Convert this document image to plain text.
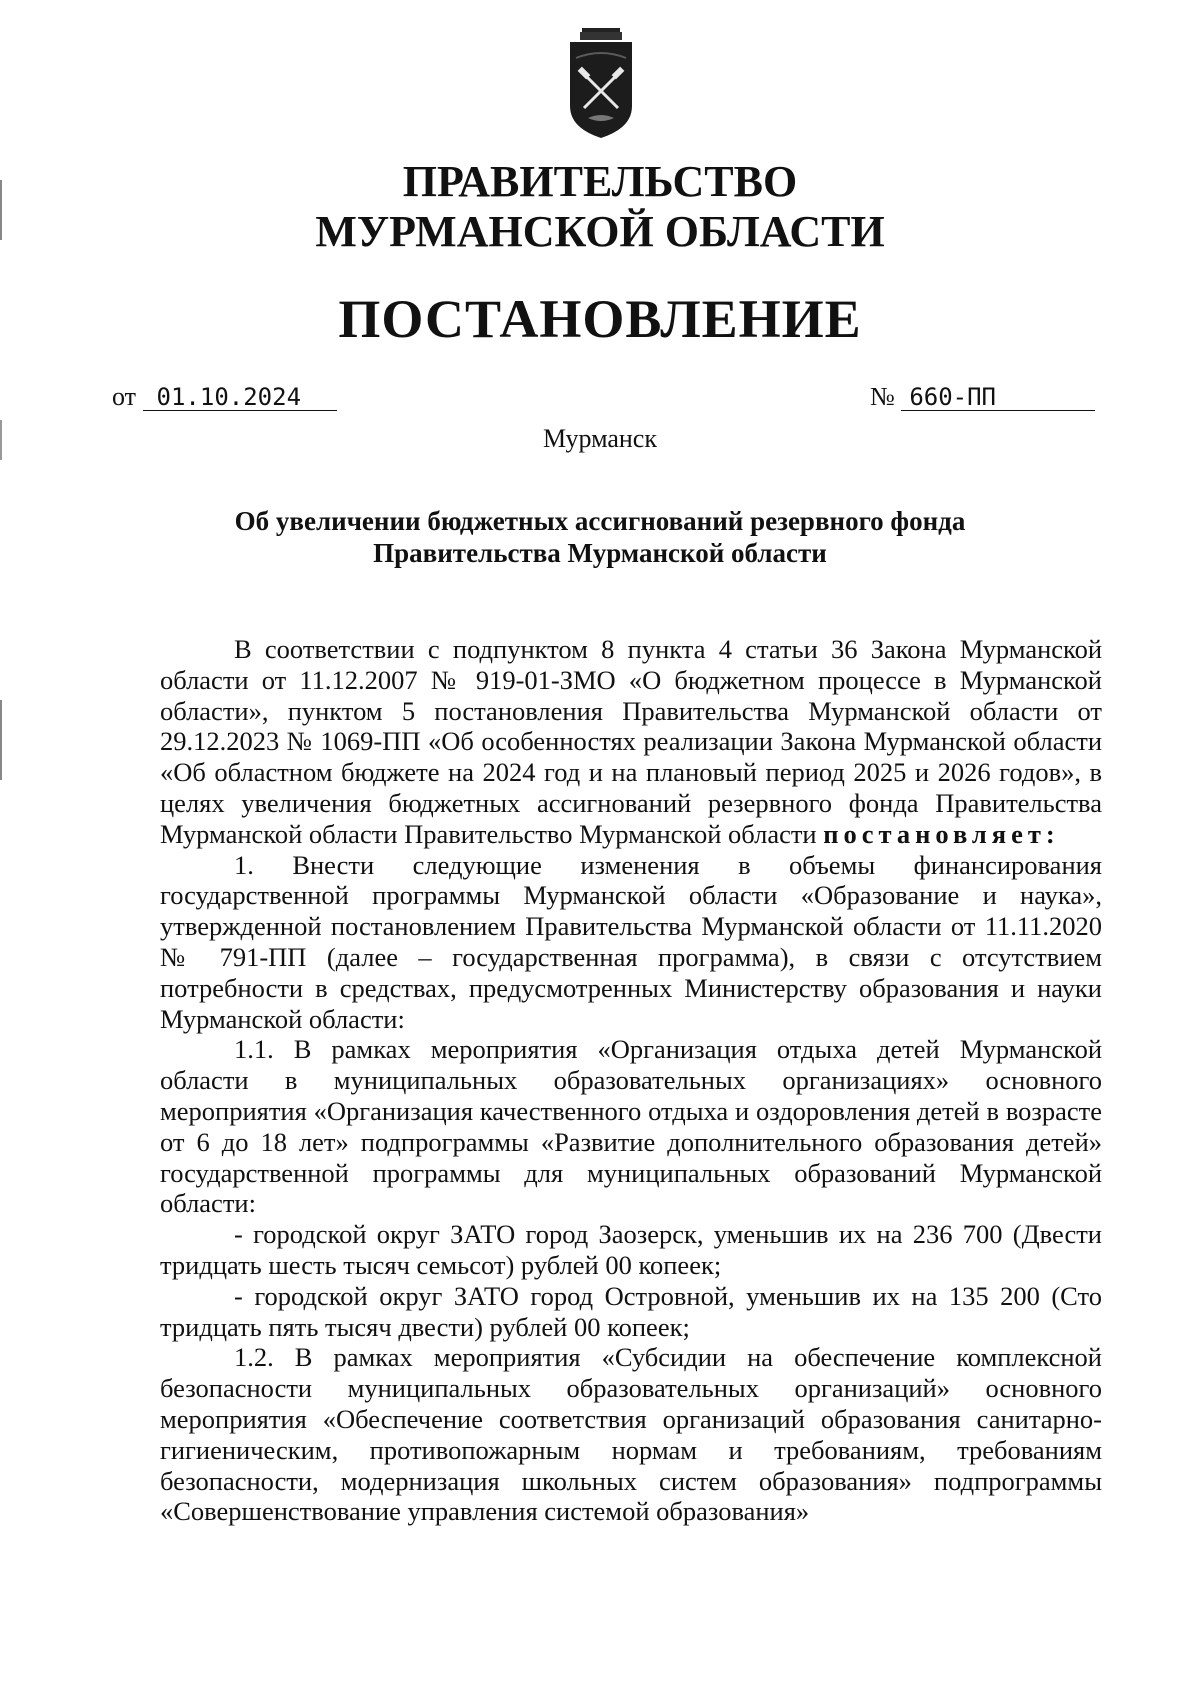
ПРАВИТЕЛЬСТВО
МУРМАНСКОЙ ОБЛАСТИ
ПОСТАНОВЛЕНИЕ
от 01.10.2024	№ 660-ПП
Мурманск
Об увеличении бюджетных ассигнований резервного фонда
Правительства Мурманской области

В соответствии с подпунктом 8 пункта 4 статьи 36 Закона Мурманской области от 11.12.2007 № 919-01-ЗМО «О бюджетном процессе в Мурманской области», пунктом 5 постановления Правительства Мурманской области от 29.12.2023 № 1069-ПП «Об особенностях реализации Закона Мурманской области «Об областном бюджете на 2024 год и на плановый период 2025 и 2026 годов», в целях увеличения бюджетных ассигнований резервного фонда Правительства Мурманской области Правительство Мурманской области постановляет:

1. Внести следующие изменения в объемы финансирования государственной программы Мурманской области «Образование и наука», утвержденной постановлением Правительства Мурманской области от 11.11.2020 № 791-ПП (далее – государственная программа), в связи с отсутствием потребности в средствах, предусмотренных Министерству образования и науки Мурманской области:

1.1. В рамках мероприятия «Организация отдыха детей Мурманской области в муниципальных образовательных организациях» основного мероприятия «Организация качественного отдыха и оздоровления детей в возрасте от 6 до 18 лет» подпрограммы «Развитие дополнительного образования детей» государственной программы для муниципальных образований Мурманской области:

- городской округ ЗАТО город Заозерск, уменьшив их на 236 700 (Двести тридцать шесть тысяч семьсот) рублей 00 копеек;

- городской округ ЗАТО город Островной, уменьшив их на 135 200 (Сто тридцать пять тысяч двести) рублей 00 копеек;

1.2. В рамках мероприятия «Субсидии на обеспечение комплексной безопасности муниципальных образовательных организаций» основного мероприятия «Обеспечение соответствия организаций образования санитарно-гигиеническим, противопожарным нормам и требованиям, требованиям безопасности, модернизация школьных систем образования» подпрограммы «Совершенствование управления системой образования»
